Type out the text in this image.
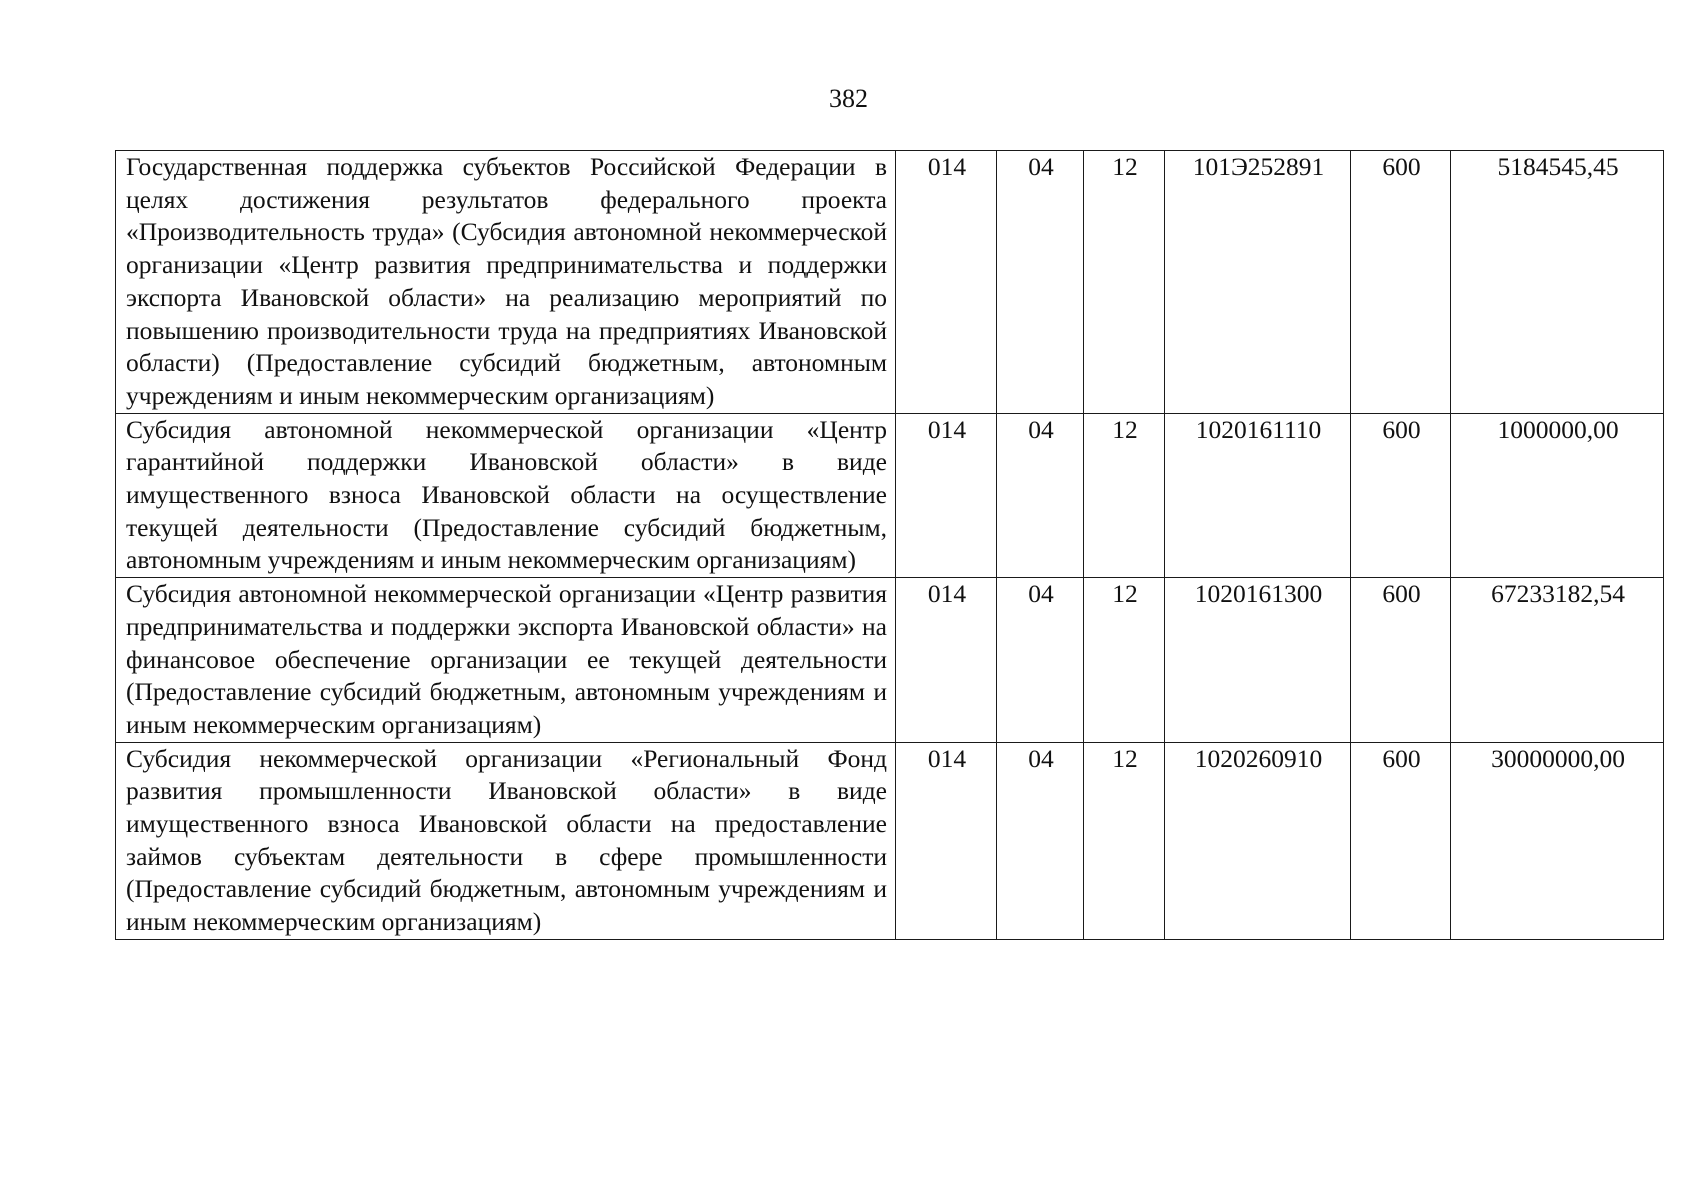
382
Государственная поддержка субъектов Российской Федерации в целях достижения результатов федерального проекта «Производительность труда» (Субсидия автономной некоммерческой организации «Центр развития предпринимательства и поддержки экспорта Ивановской области» на реализацию мероприятий по повышению производительности труда на предприятиях Ивановской области) (Предоставление субсидий бюджетным, автономным учреждениям и иным некоммерческим организациям)	014	04	12	101Э252891	600	5184545,45
Субсидия автономной некоммерческой организации «Центр гарантийной поддержки Ивановской области» в виде имущественного взноса Ивановской области на осуществление текущей деятельности (Предоставление субсидий бюджетным, автономным учреждениям и иным некоммерческим организациям)	014	04	12	1020161110	600	1000000,00
Субсидия автономной некоммерческой организации «Центр развития предпринимательства и поддержки экспорта Ивановской области» на финансовое обеспечение организации ее текущей деятельности (Предоставление субсидий бюджетным, автономным учреждениям и иным некоммерческим организациям)	014	04	12	1020161300	600	67233182,54
Субсидия некоммерческой организации «Региональный Фонд развития промышленности Ивановской области» в виде имущественного взноса Ивановской области на предоставление займов субъектам деятельности в сфере промышленности (Предоставление субсидий бюджетным, автономным учреждениям и иным некоммерческим организациям)	014	04	12	1020260910	600	30000000,00
